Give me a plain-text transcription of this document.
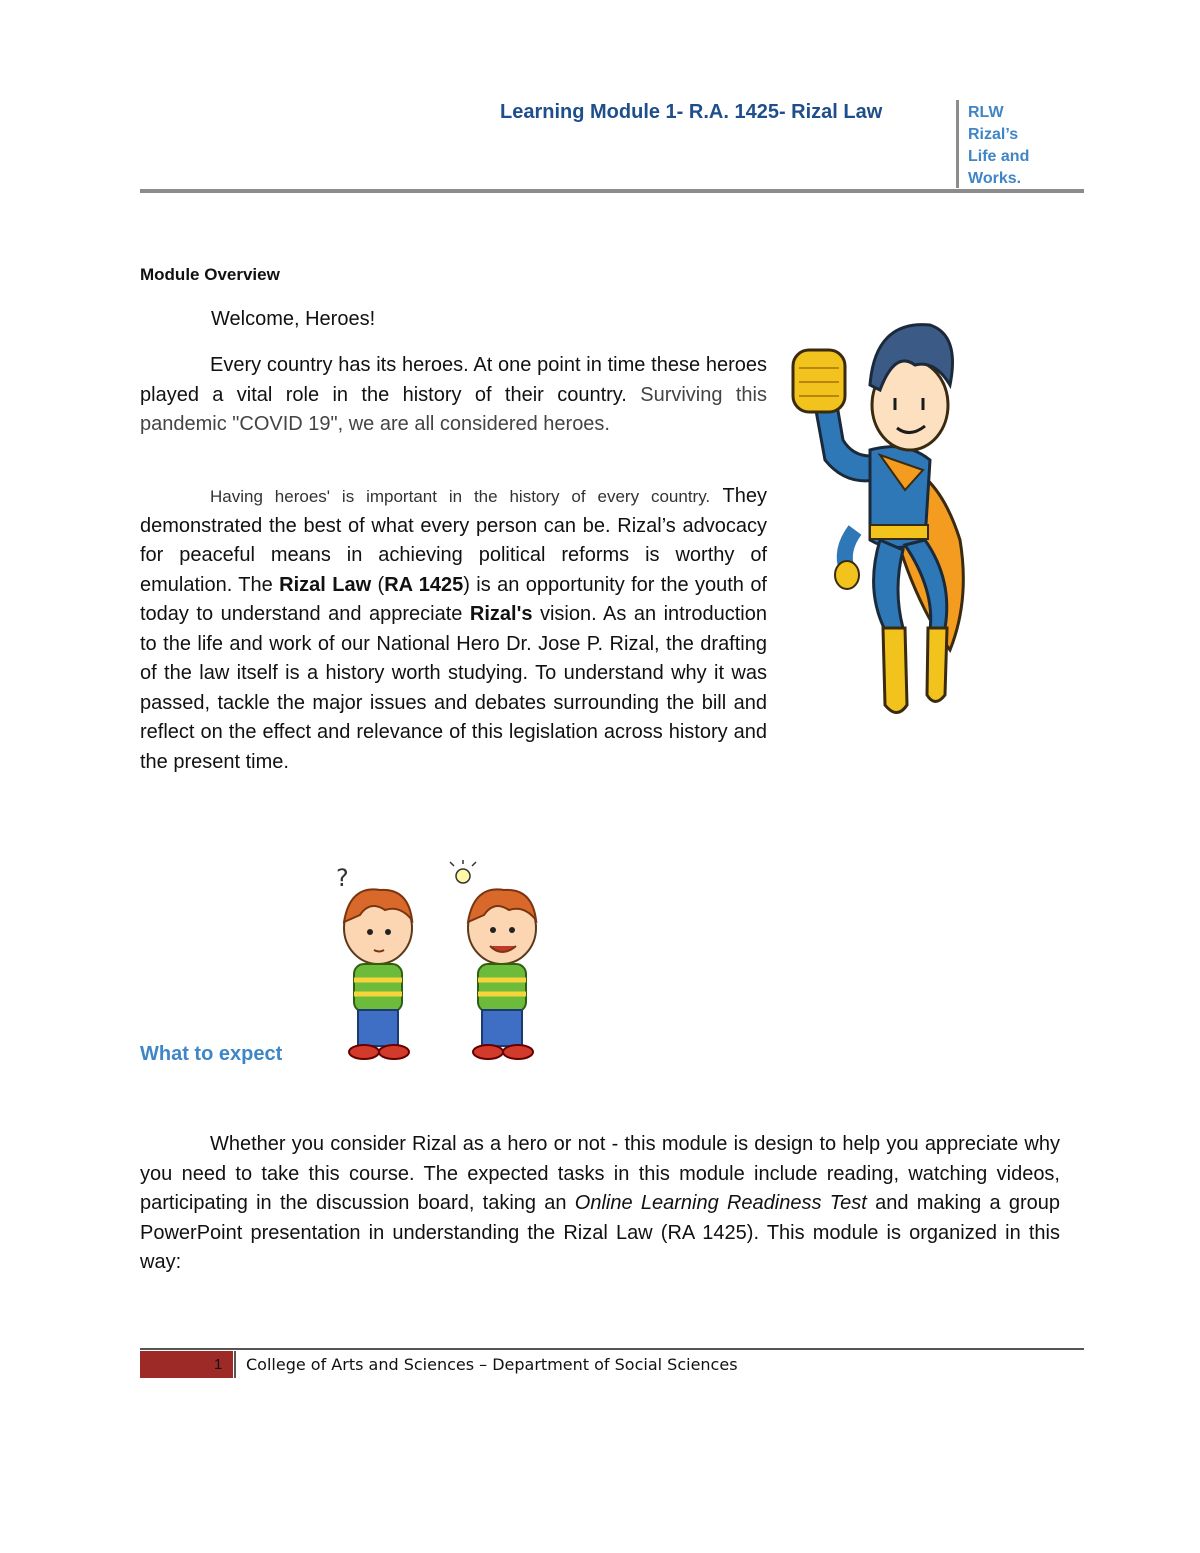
Learning Module 1- R.A. 1425- Rizal Law	RLW
Rizal’s
Life and
Works.
Module Overview
Welcome, Heroes!
Every country has its heroes. At one point in time these heroes played a vital role in the history of their country. Surviving this pandemic "COVID 19", we are all considered heroes.
Having heroes' is important in the history of every country. They demonstrated the best of what every person can be. Rizal’s advocacy for peaceful means in achieving political reforms is worthy of emulation. The Rizal Law (RA 1425) is an opportunity for the youth of today to understand and appreciate Rizal's vision. As an introduction to the life and work of our National Hero Dr. Jose P. Rizal, the drafting of the law itself is a history worth studying. To understand why it was passed, tackle the major issues and debates surrounding the bill and reflect on the effect and relevance of this legislation across history and the present time.
What to expect
?
Whether you consider Rizal as a hero or not - this module is design to help you appreciate why you need to take this course. The expected tasks in this module include reading, watching videos, participating in the discussion board, taking an Online Learning Readiness Test and making a group PowerPoint presentation in understanding the Rizal Law (RA 1425). This module is organized in this way:
1 College of Arts and Sciences – Department of Social Sciences
